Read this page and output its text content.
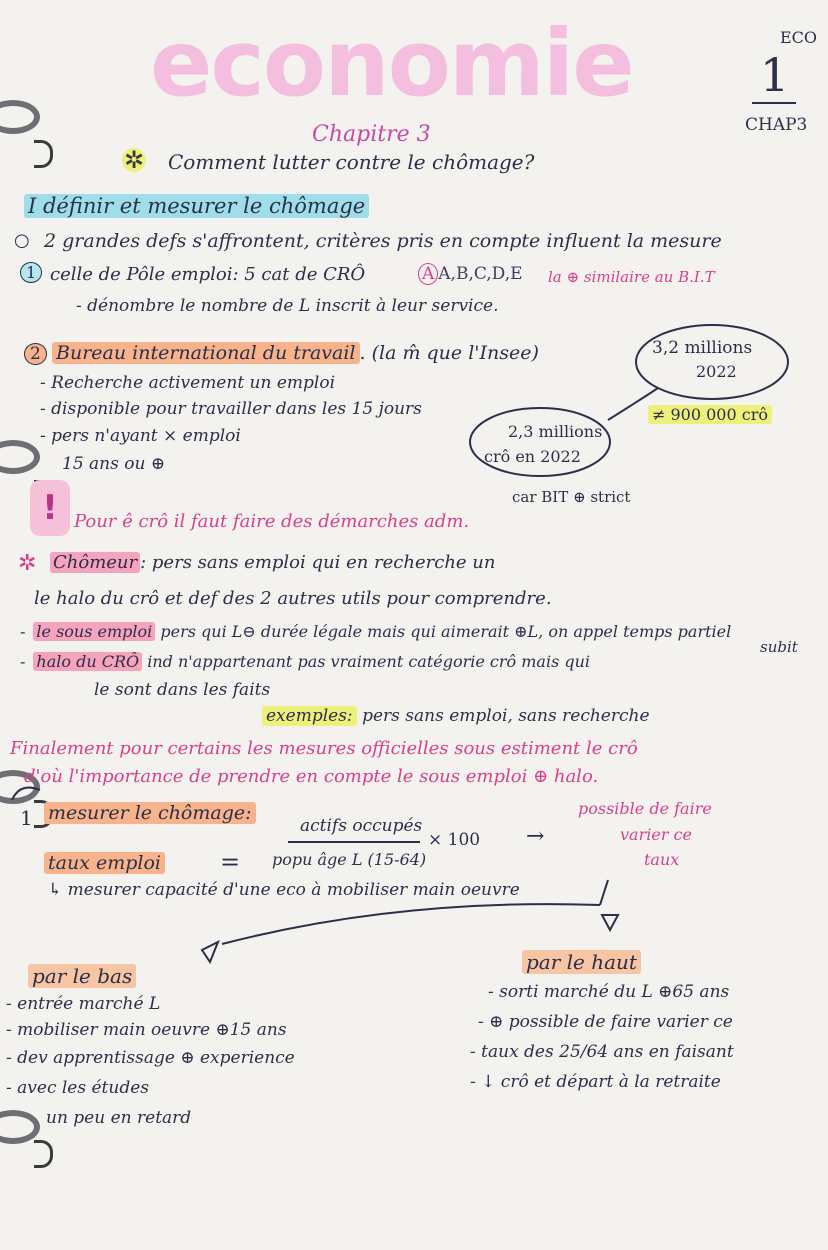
economie	ECO
1
CHAP3
Chapitre 3
✲ Comment lutter contre le chômage?
I définir et mesurer le chômage
○ 2 grandes defs s'affrontent, critères pris en compte influent la mesure
1 celle de Pôle emploi: 5 cat de CRÔ	A A,B,C,D,E la ⊕ similaire au B.I.T
- dénombre le nombre de L inscrit à leur service.
2 Bureau international du travail . (la m̂ que l'Insee)
- Recherche activement un emploi
- disponible pour travailler dans les 15 jours
- pers n'ayant × emploi
15 ans ou ⊕
3,2 millions
2022
≠ 900 000 crô
2,3 millions
crô en 2022
car BIT ⊕ strict
! Pour ê crô il faut faire des démarches adm.
✲ Chômeur : pers sans emploi qui en recherche un
le halo du crô et def des 2 autres utils pour comprendre.
- le sous emploi pers qui L⊖ durée légale mais qui aimerait ⊕L, on appel temps partiel
subit
- halo du CRÔ ind n'appartenant pas vraiment catégorie crô mais qui
le sont dans les faits
exemples: pers sans emploi, sans recherche
Finalement pour certains les mesures officielles sous estiment le crô
d'où l'importance de prendre en compte le sous emploi ⊕ halo.
1 mesurer le chômage:
taux emploi =
actifs occupés
popu âge L (15-64)
× 100 →
possible de faire
varier ce
taux
↳ mesurer capacité d'une eco à mobiliser main oeuvre
par le bas
- entrée marché L
- mobiliser main oeuvre ⊕15 ans
- dev apprentissage ⊕ experience
- avec les études
un peu en retard
par le haut
- sorti marché du L ⊕65 ans
- ⊕ possible de faire varier ce
- taux des 25/64 ans en faisant
- ↓ crô et départ à la retraite
